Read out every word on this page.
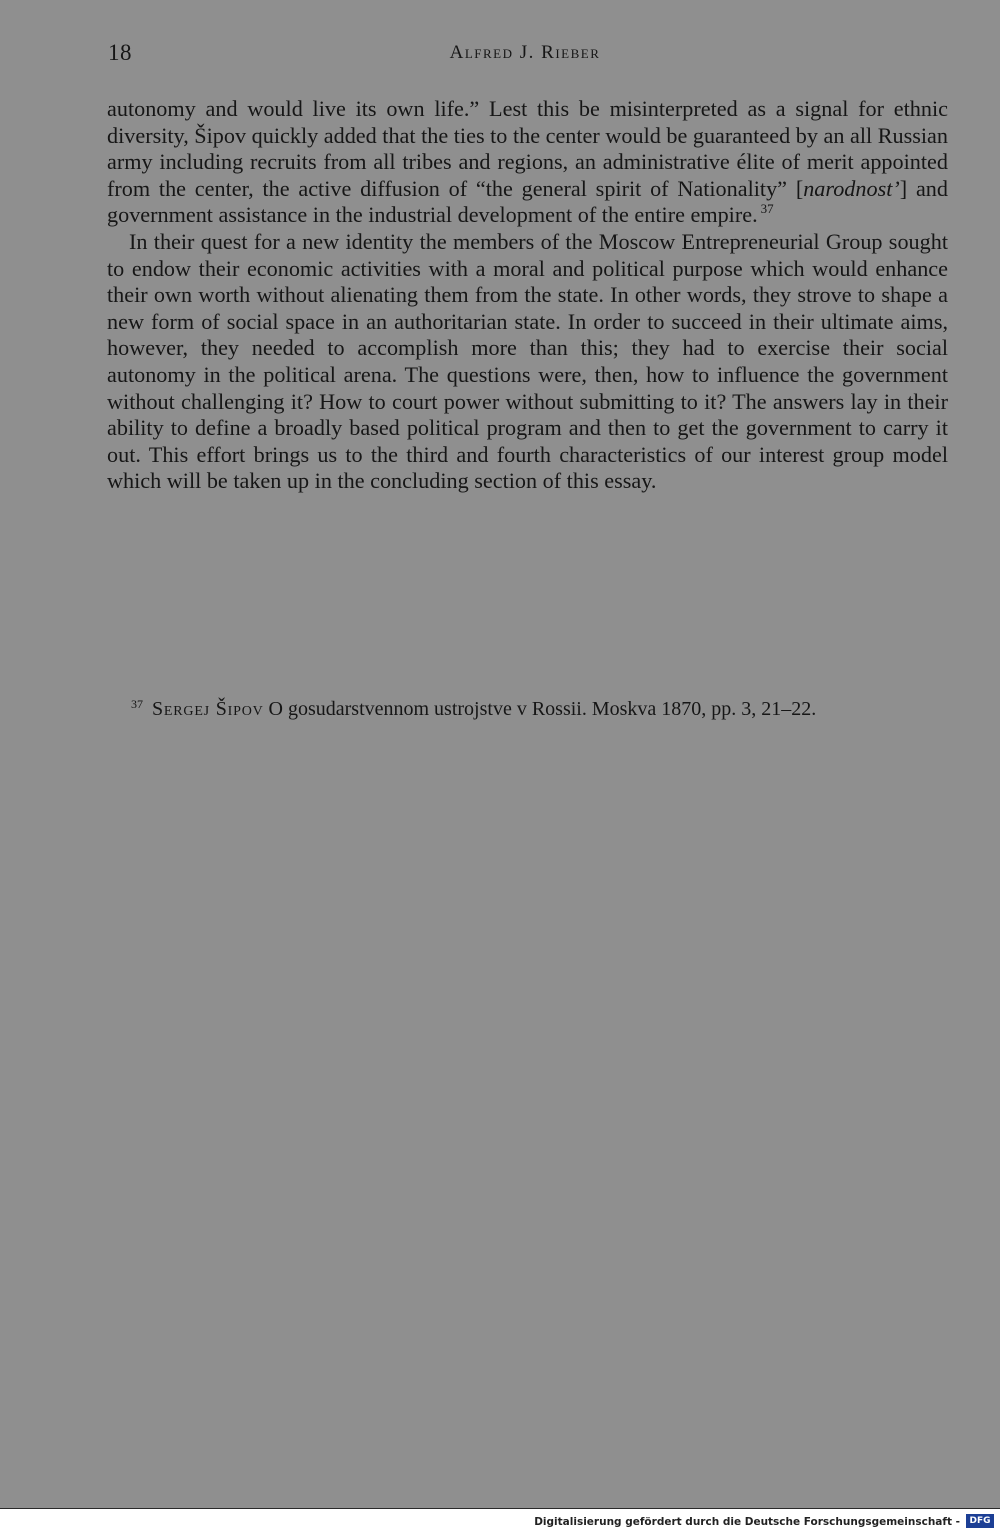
18	Alfred J. Rieber

autonomy and would live its own life.” Lest this be misinterpreted as a signal for ethnic diversity, Šipov quickly added that the ties to the center would be guaranteed by an all Russian army including recruits from all tribes and regions, an administrative élite of merit appointed from the center, the active diffusion of “the general spirit of Nationality” [narodnost’] and government assistance in the industrial development of the entire empire. $^{37}$

In their quest for a new identity the members of the Moscow Entrepreneurial Group sought to endow their economic activities with a moral and political purpose which would enhance their own worth without alienating them from the state. In other words, they strove to shape a new form of social space in an authoritarian state. In order to succeed in their ultimate aims, however, they needed to accomplish more than this; they had to exercise their social autonomy in the political arena. The questions were, then, how to influence the government without challenging it? How to court power without submitting to it? The answers lay in their ability to define a broadly based political program and then to get the government to carry it out. This effort brings us to the third and fourth characteristics of our interest group model which will be taken up in the concluding section of this essay.

$^{37}$ Sergej Šipov O gosudarstvennom ustrojstve v Rossii. Moskva 1870, pp. 3, 21–22.
Digitalisierung gefördert durch die Deutsche Forschungsgemeinschaft -	DFG
